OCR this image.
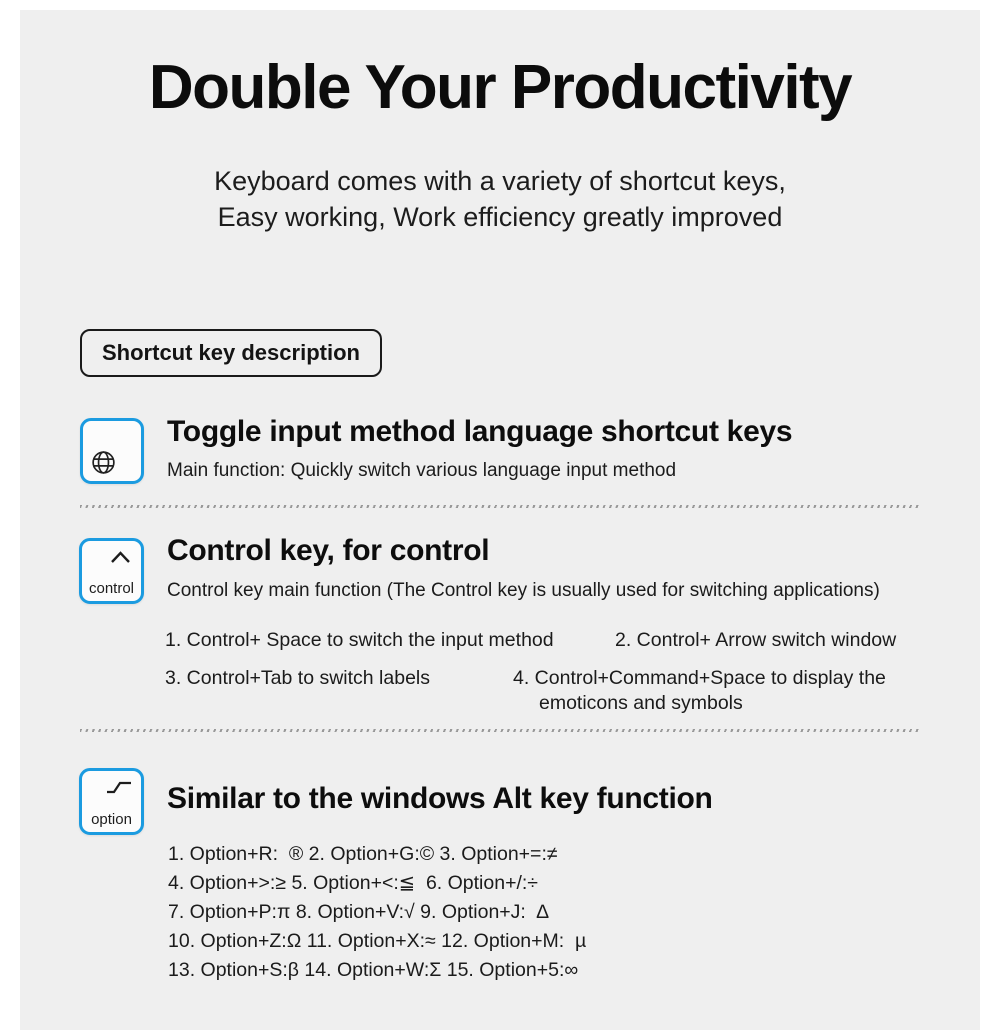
Double Your Productivity
Keyboard comes with a variety of shortcut keys,
Easy working, Work efficiency greatly improved
Shortcut key description
Toggle input method language shortcut keys
Main function: Quickly switch various language input method
control
Control key, for control
Control key main function (The Control key is usually used for switching applications)
1. Control+ Space to switch the input method	2. Control+ Arrow switch window
3. Control+Tab to switch labels	4. Control+Command+Space to display the emoticons and symbols
option
Similar to the windows Alt key function
1. Option+R:  ® 2. Option+G:© 3. Option+=:≠
4. Option+>:≥ 5. Option+<:≦  6. Option+/:÷
7. Option+P:π 8. Option+V:√ 9. Option+J:  ∆
10. Option+Z:Ω 11. Option+X:≈ 12. Option+M:  µ
13. Option+S:β 14. Option+W:Σ 15. Option+5:∞
